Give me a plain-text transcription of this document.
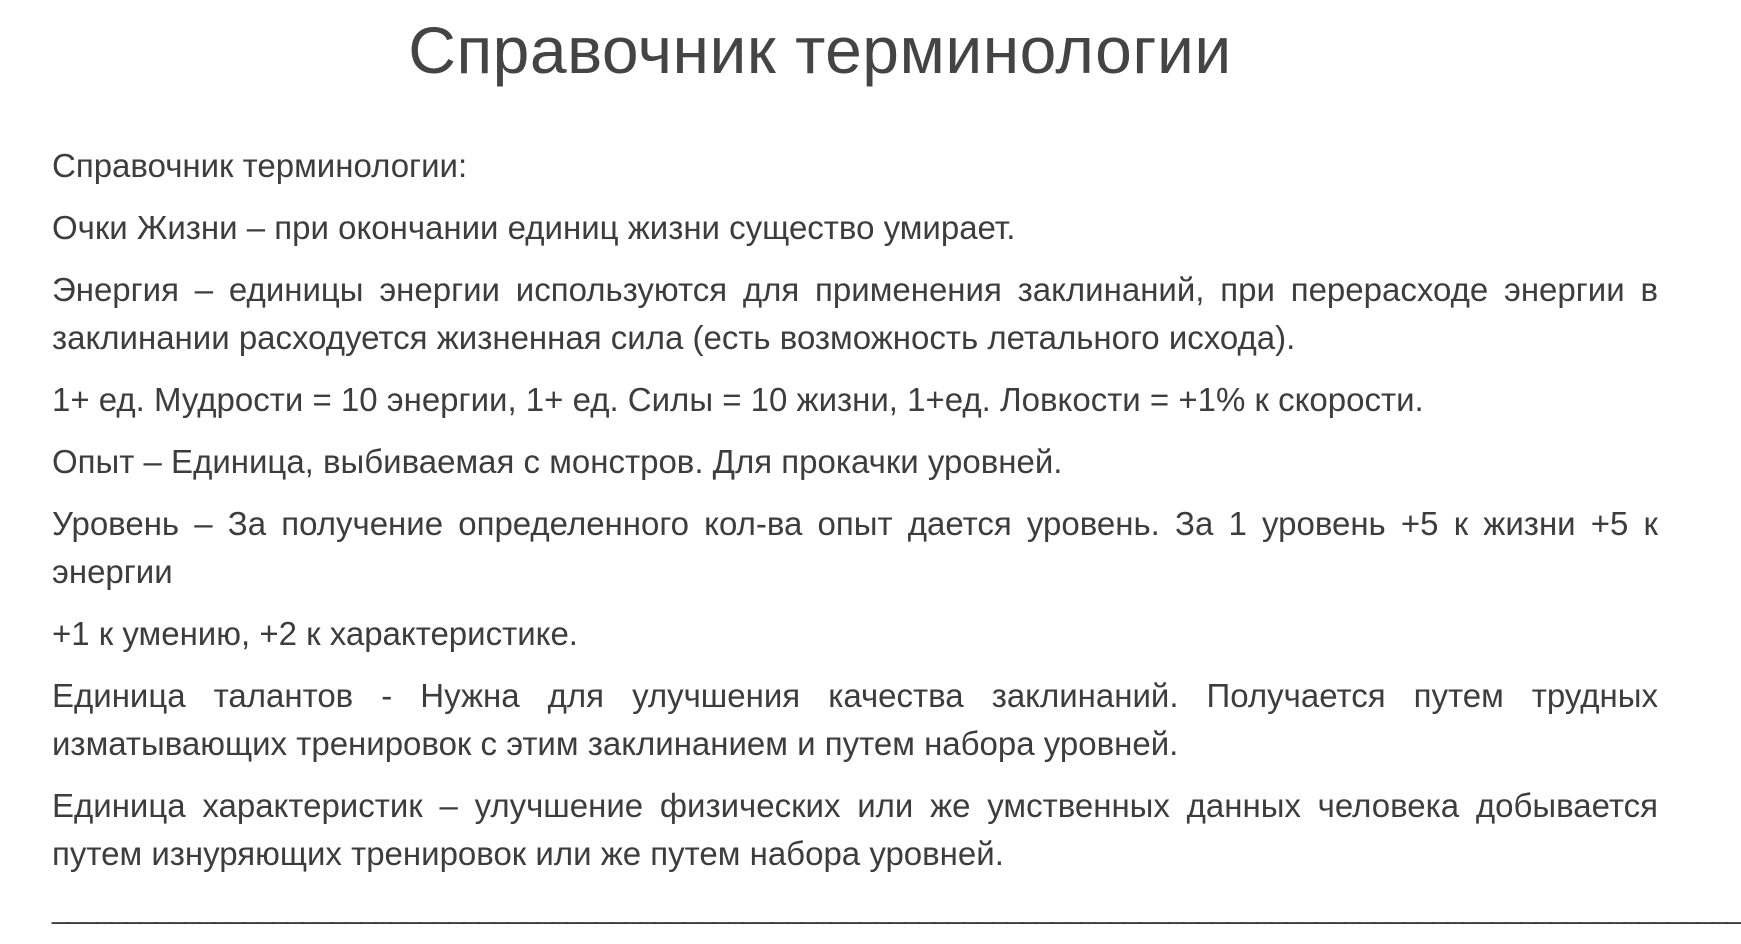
Справочник терминологии

Справочник терминологии:

Очки Жизни – при окончании единиц жизни существо умирает.

Энергия – единицы энергии используются для применения заклинаний, при перерасходе энергии в заклинании расходуется жизненная сила (есть возможность летального исхода).

1+ ед. Мудрости = 10 энергии, 1+ ед. Силы = 10 жизни, 1+ед. Ловкости = +1% к скорости.

Опыт – Единица, выбиваемая с монстров. Для прокачки уровней.

Уровень – За получение определенного кол-ва опыт дается уровень. За 1 уровень +5 к жизни +5 к энергии

+1 к умению, +2 к характеристике.

Единица талантов - Нужна для улучшения качества заклинаний. Получается путем трудных изматывающих тренировок с этим заклинанием и путем набора уровней.

Единица характеристик – улучшение физических или же умственных данных человека добывается путем изнуряющих тренировок или же путем набора уровней.

___________________________________________________________________________________________________________________
